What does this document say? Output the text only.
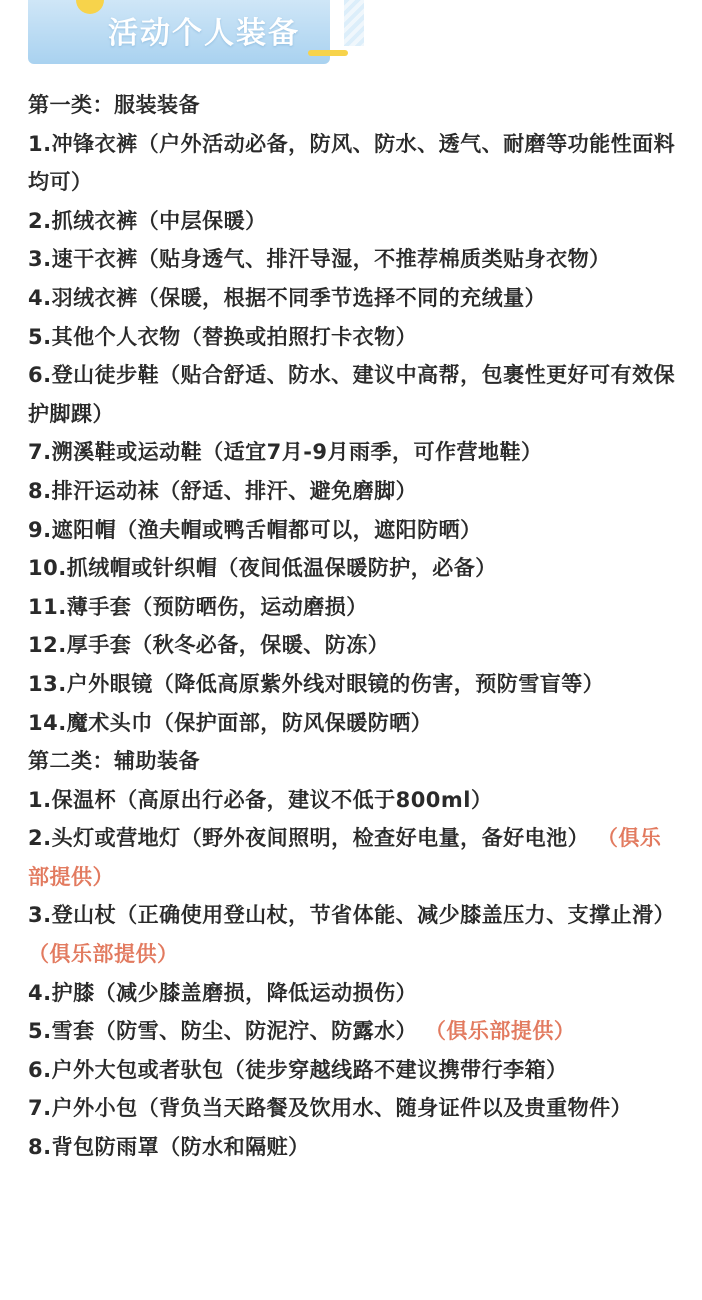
活动个人装备
第一类：服装装备
1.冲锋衣裤（户外活动必备，防风、防水、透气、耐磨等功能性面料均可）
2.抓绒衣裤（中层保暖）
3.速干衣裤（贴身透气、排汗导湿，不推荐棉质类贴身衣物）
4.羽绒衣裤（保暖，根据不同季节选择不同的充绒量）
5.其他个人衣物（替换或拍照打卡衣物）
6.登山徒步鞋（贴合舒适、防水、建议中高帮，包裹性更好可有效保护脚踝）
7.溯溪鞋或运动鞋（适宜7月-9月雨季，可作营地鞋）
8.排汗运动袜（舒适、排汗、避免磨脚）
9.遮阳帽（渔夫帽或鸭舌帽都可以，遮阳防晒）
10.抓绒帽或针织帽（夜间低温保暖防护，必备）
11.薄手套（预防晒伤，运动磨损）
12.厚手套（秋冬必备，保暖、防冻）
13.户外眼镜（降低高原紫外线对眼镜的伤害，预防雪盲等）
14.魔术头巾（保护面部，防风保暖防晒）
第二类：辅助装备
1.保温杯（高原出行必备，建议不低于800ml）
2.头灯或营地灯（野外夜间照明，检查好电量，备好电池） （俱乐部提供）
3.登山杖（正确使用登山杖，节省体能、减少膝盖压力、支撑止滑） （俱乐部提供）
4.护膝（减少膝盖磨损，降低运动损伤）
5.雪套（防雪、防尘、防泥泞、防露水） （俱乐部提供）
6.户外大包或者驮包（徒步穿越线路不建议携带行李箱）
7.户外小包（背负当天路餐及饮用水、随身证件以及贵重物件）
8.背包防雨罩（防水和隔赃）
